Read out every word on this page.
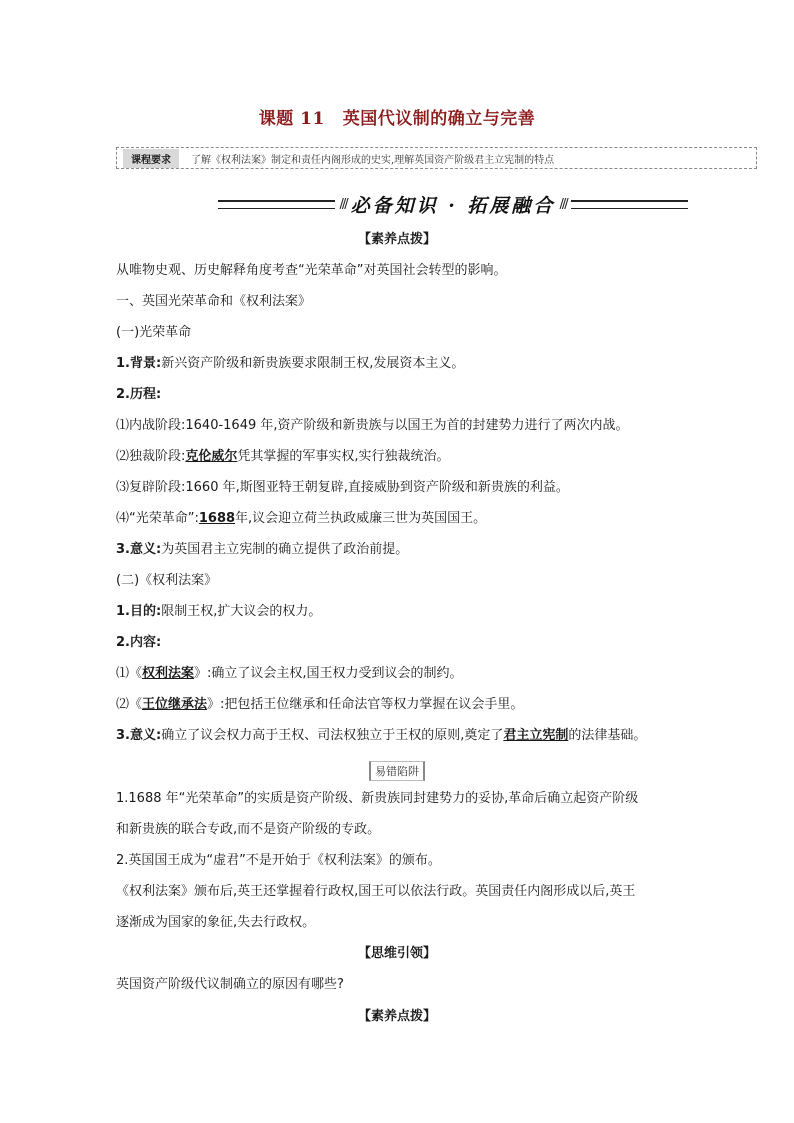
课题 11 英国代议制的确立与完善
课程要求	了解《权利法案》制定和责任内阁形成的史实,理解英国资产阶级君主立宪制的特点
/// 必备知识 · 拓展融合 ///
【素养点拨】
从唯物史观、历史解释角度考查“光荣革命”对英国社会转型的影响。
一、英国光荣革命和《权利法案》
(一)光荣革命
1.背景:新兴资产阶级和新贵族要求限制王权,发展资本主义。
2.历程:
⑴内战阶段:1640-1649 年,资产阶级和新贵族与以国王为首的封建势力进行了两次内战。
⑵独裁阶段:克伦威尔凭其掌握的军事实权,实行独裁统治。
⑶复辟阶段:1660 年,斯图亚特王朝复辟,直接威胁到资产阶级和新贵族的利益。
⑷“光荣革命”:1688年,议会迎立荷兰执政威廉三世为英国国王。
3.意义:为英国君主立宪制的确立提供了政治前提。
(二)《权利法案》
1.目的:限制王权,扩大议会的权力。
2.内容:
⑴《权利法案》:确立了议会主权,国王权力受到议会的制约。
⑵《王位继承法》:把包括王位继承和任命法官等权力掌握在议会手里。
3.意义:确立了议会权力高于王权、司法权独立于王权的原则,奠定了君主立宪制的法律基础。
易错陷阱
1.1688 年“光荣革命”的实质是资产阶级、新贵族同封建势力的妥协,革命后确立起资产阶级
和新贵族的联合专政,而不是资产阶级的专政。
2.英国国王成为“虚君”不是开始于《权利法案》的颁布。
《权利法案》颁布后,英王还掌握着行政权,国王可以依法行政。英国责任内阁形成以后,英王
逐渐成为国家的象征,失去行政权。
【思维引领】
英国资产阶级代议制确立的原因有哪些?
【素养点拨】
